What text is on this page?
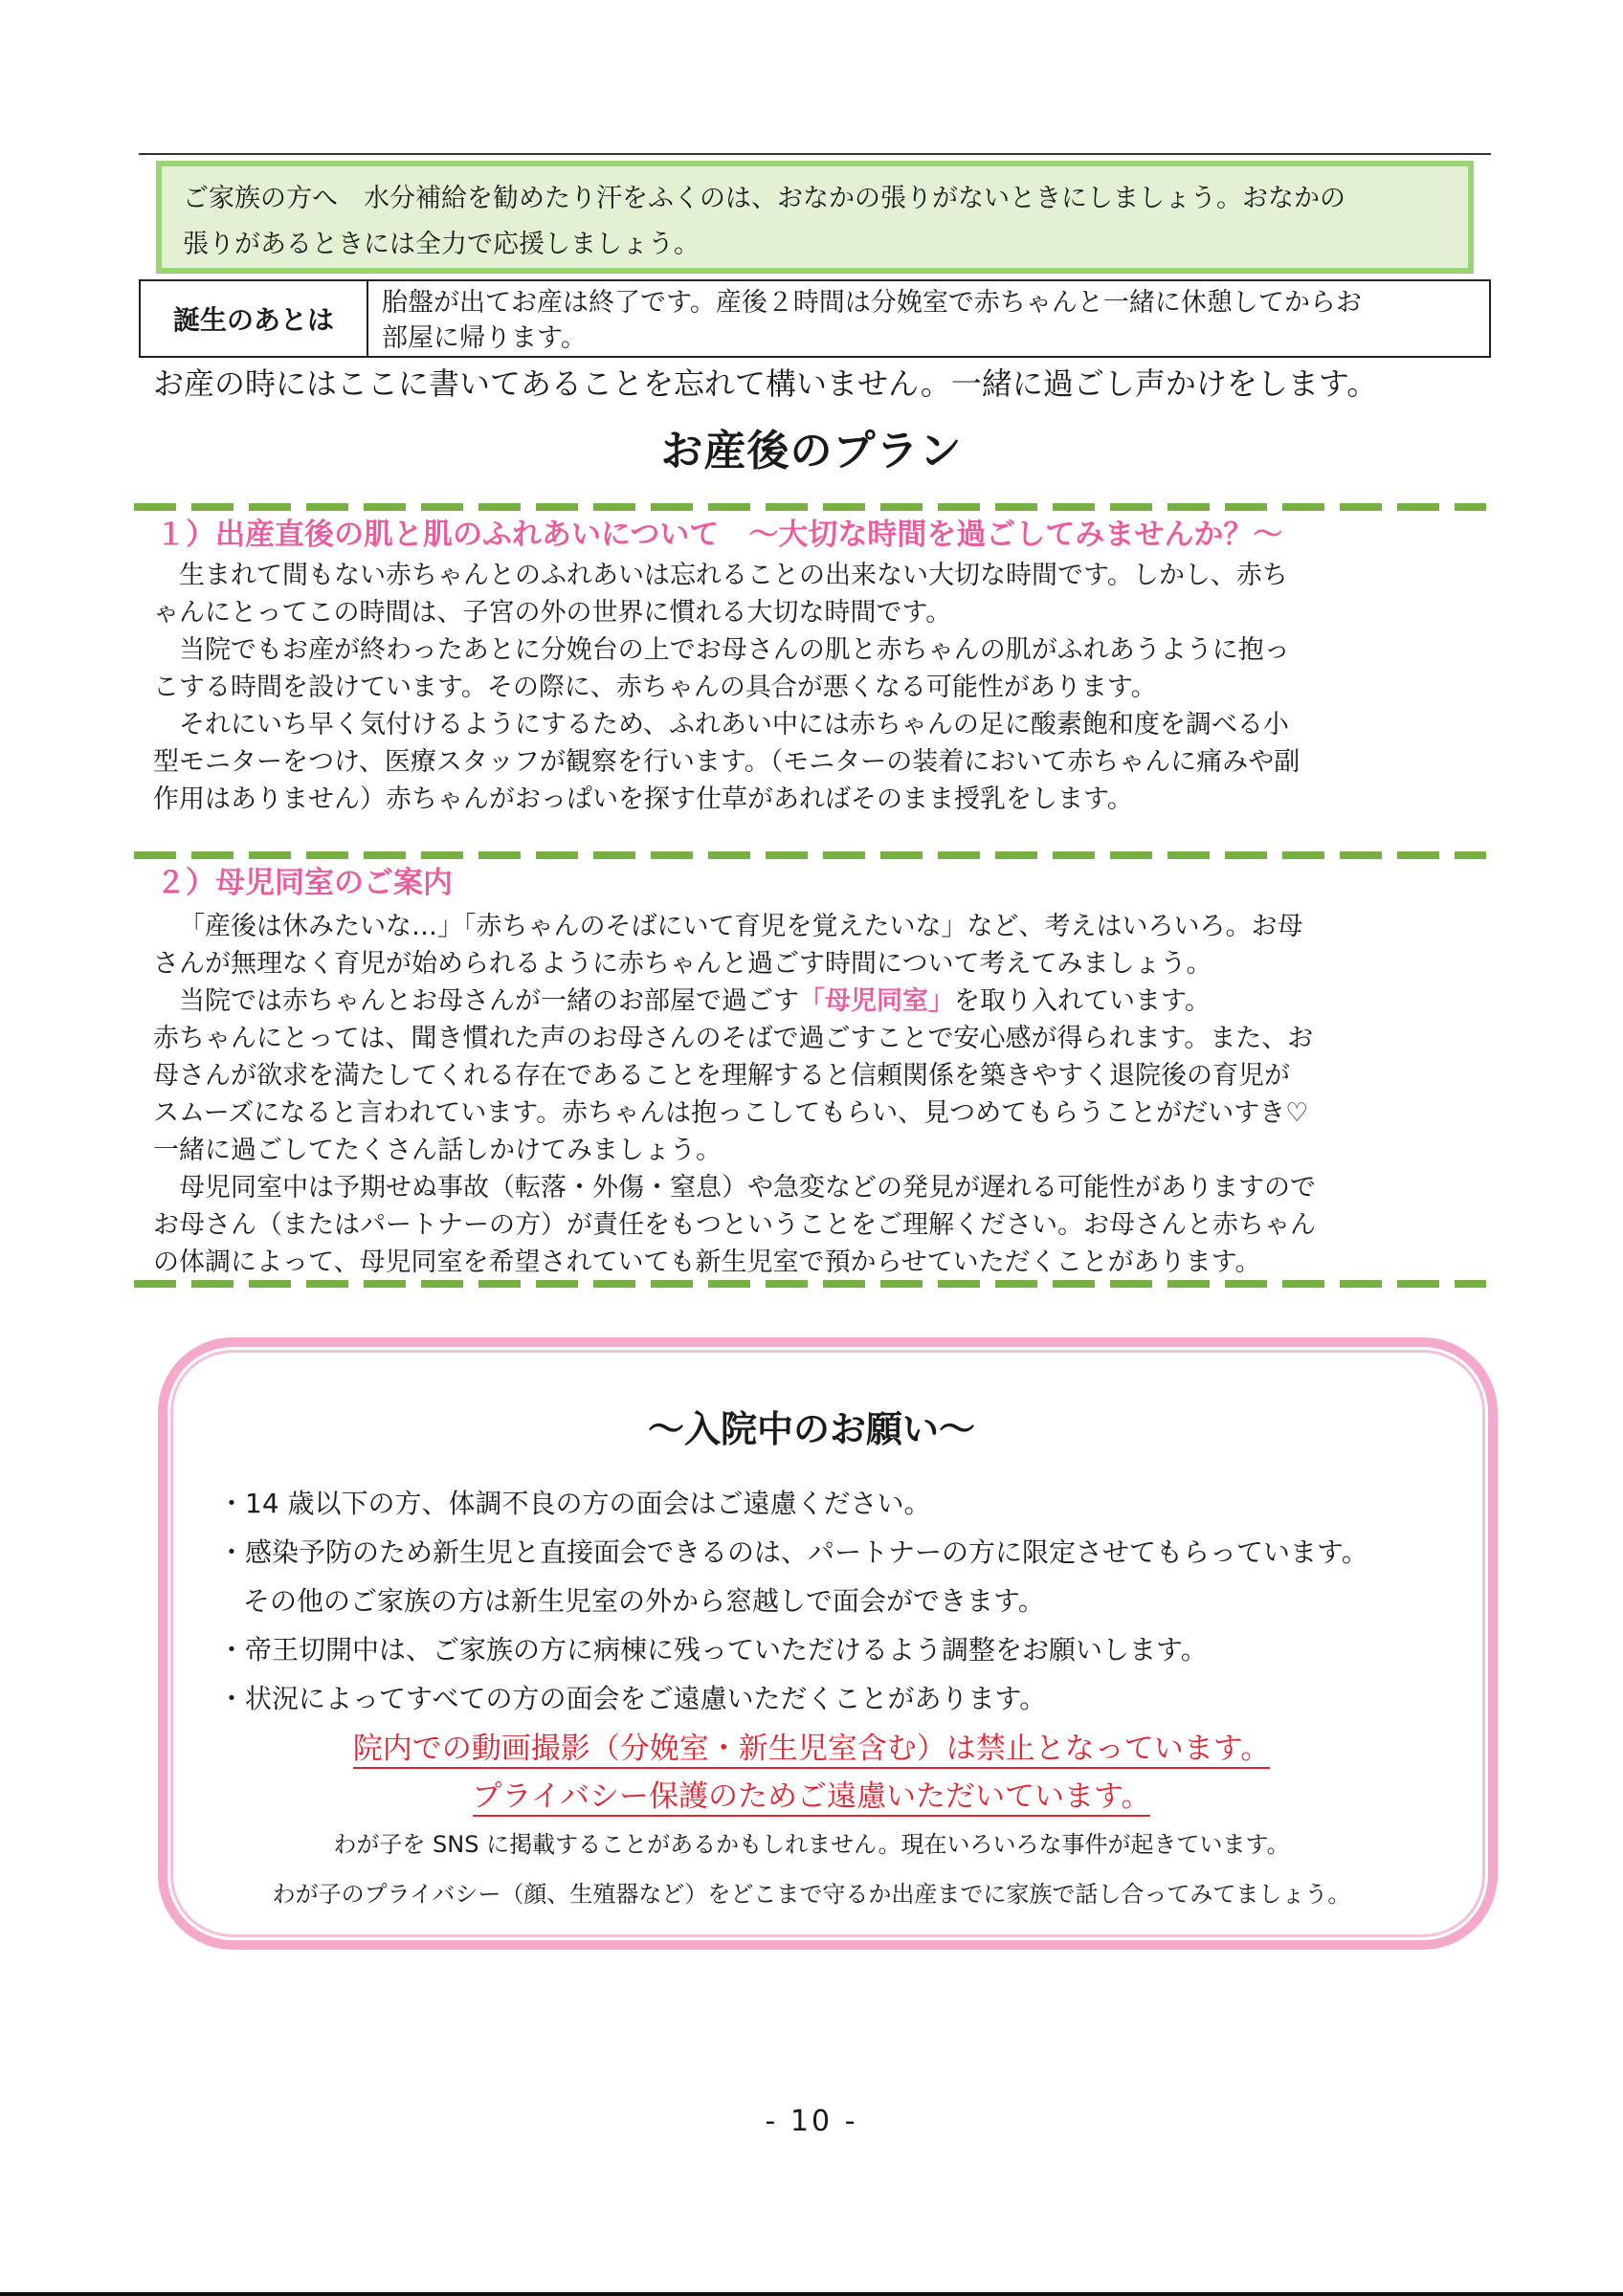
ご家族の方へ　水分補給を勧めたり汗をふくのは、おなかの張りがないときにしましょう。おなかの
張りがあるときには全力で応援しましょう。
誕生のあとは
胎盤が出てお産は終了です。産後２時間は分娩室で赤ちゃんと一緒に休憩してからお
部屋に帰ります。
お産の時にはここに書いてあることを忘れて構いません。一緒に過ごし声かけをします。
お産後のプラン
１）出産直後の肌と肌のふれあいについて　～大切な時間を過ごしてみませんか？～

生まれて間もない赤ちゃんとのふれあいは忘れることの出来ない大切な時間です。しかし、赤ち

ゃんにとってこの時間は、子宮の外の世界に慣れる大切な時間です。

当院でもお産が終わったあとに分娩台の上でお母さんの肌と赤ちゃんの肌がふれあうように抱っ

こする時間を設けています。その際に、赤ちゃんの具合が悪くなる可能性があります。

それにいち早く気付けるようにするため、ふれあい中には赤ちゃんの足に酸素飽和度を調べる小

型モニターをつけ、医療スタッフが観察を行います。（モニターの装着において赤ちゃんに痛みや副

作用はありません）赤ちゃんがおっぱいを探す仕草があればそのまま授乳をします。

２）母児同室のご案内

「産後は休みたいな…」「赤ちゃんのそばにいて育児を覚えたいな」など、考えはいろいろ。お母

さんが無理なく育児が始められるように赤ちゃんと過ごす時間について考えてみましょう。

当院では赤ちゃんとお母さんが一緒のお部屋で過ごす「母児同室」を取り入れています。

赤ちゃんにとっては、聞き慣れた声のお母さんのそばで過ごすことで安心感が得られます。また、お

母さんが欲求を満たしてくれる存在であることを理解すると信頼関係を築きやすく退院後の育児が

スムーズになると言われています。赤ちゃんは抱っこしてもらい、見つめてもらうことがだいすき♡

一緒に過ごしてたくさん話しかけてみましょう。

母児同室中は予期せぬ事故（転落・外傷・窒息）や急変などの発見が遅れる可能性がありますので

お母さん（またはパートナーの方）が責任をもつということをご理解ください。お母さんと赤ちゃん

の体調によって、母児同室を希望されていても新生児室で預からせていただくことがあります。

～入院中のお願い～
・14 歳以下の方、体調不良の方の面会はご遠慮ください。
・感染予防のため新生児と直接面会できるのは、パートナーの方に限定させてもらっています。
その他のご家族の方は新生児室の外から窓越しで面会ができます。
・帝王切開中は、ご家族の方に病棟に残っていただけるよう調整をお願いします。
・状況によってすべての方の面会をご遠慮いただくことがあります。
院内での動画撮影（分娩室・新生児室含む）は禁止となっています。
プライバシー保護のためご遠慮いただいています。
わが子を SNS に掲載することがあるかもしれません。現在いろいろな事件が起きています。
わが子のプライバシー（顔、生殖器など）をどこまで守るか出産までに家族で話し合ってみてましょう。
- 10 -
